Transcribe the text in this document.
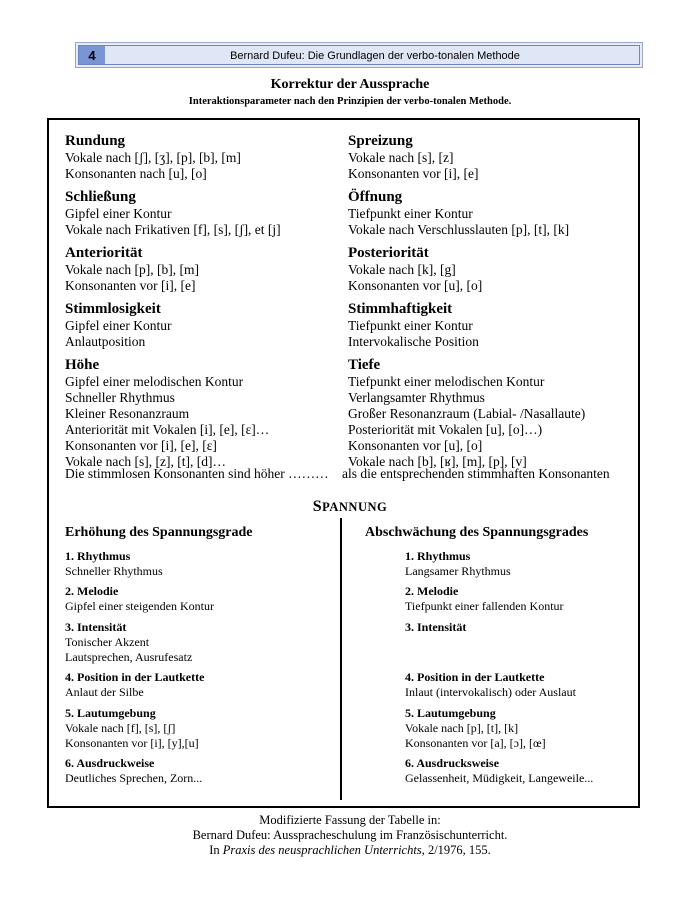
4	Bernard Dufeu: Die Grundlagen der verbo-tonalen Methode
Korrektur der Aussprache
Interaktionsparameter nach den Prinzipien der verbo-tonalen Methode.
Rundung
Vokale nach [ʃ], [ʒ], [p], [b], [m]
Konsonanten nach [u], [o]
Schließung
Gipfel einer Kontur
Vokale nach Frikativen [f], [s], [ʃ], et [j]
Anteriorität
Vokale nach [p], [b], [m]
Konsonanten vor [i], [e]
Stimmlosigkeit
Gipfel einer Kontur
Anlautposition
Höhe
Gipfel einer melodischen Kontur
Schneller Rhythmus
Kleiner Resonanzraum
Anteriorität mit Vokalen [i], [e], [ε]…
Konsonanten vor [i], [e], [ε]
Vokale nach [s], [z], [t], [d]…
Spreizung
Vokale nach [s], [z]
Konsonanten vor [i], [e]
Öffnung
Tiefpunkt einer Kontur
Vokale nach Verschlusslauten [p], [t], [k]
Posteriorität
Vokale nach [k], [g]
Konsonanten vor [u], [o]
Stimmhaftigkeit
Tiefpunkt einer Kontur
Intervokalische Position
Tiefe
Tiefpunkt einer melodischen Kontur
Verlangsamter Rhythmus
Großer Resonanzraum (Labial- /Nasallaute)
Posteriorität mit Vokalen [u], [o]…)
Konsonanten vor [u], [o]
Vokale nach [b], [ʁ], [m], [p], [v]
Die stimmlosen Konsonanten sind höher ……… als die entsprechenden stimmhaften Konsonanten
SPANNUNG
Erhöhung des Spannungsgrade	Abschwächung des Spannungsgrades
1. Rhythmus
Schneller Rhythmus
2. Melodie
Gipfel einer steigenden Kontur
3. Intensität
Tonischer Akzent
Lautsprechen, Ausrufesatz
4. Position in der Lautkette
Anlaut der Silbe
5. Lautumgebung
Vokale nach [f], [s], [ʃ]
Konsonanten vor [i], [y],[u]
6. Ausdruckweise
Deutliches Sprechen, Zorn...
1. Rhythmus
Langsamer Rhythmus
2. Melodie
Tiefpunkt einer fallenden Kontur
3. Intensität
4. Position in der Lautkette
Inlaut (intervokalisch) oder Auslaut
5. Lautumgebung
Vokale nach [p], [t], [k]
Konsonanten vor [a], [ɔ], [œ]
6. Ausdrucksweise
Gelassenheit, Müdigkeit, Langeweile...
Modifizierte Fassung der Tabelle in:
Bernard Dufeu: Ausspracheschulung im Französischunterricht.
In Praxis des neusprachlichen Unterrichts, 2/1976, 155.
